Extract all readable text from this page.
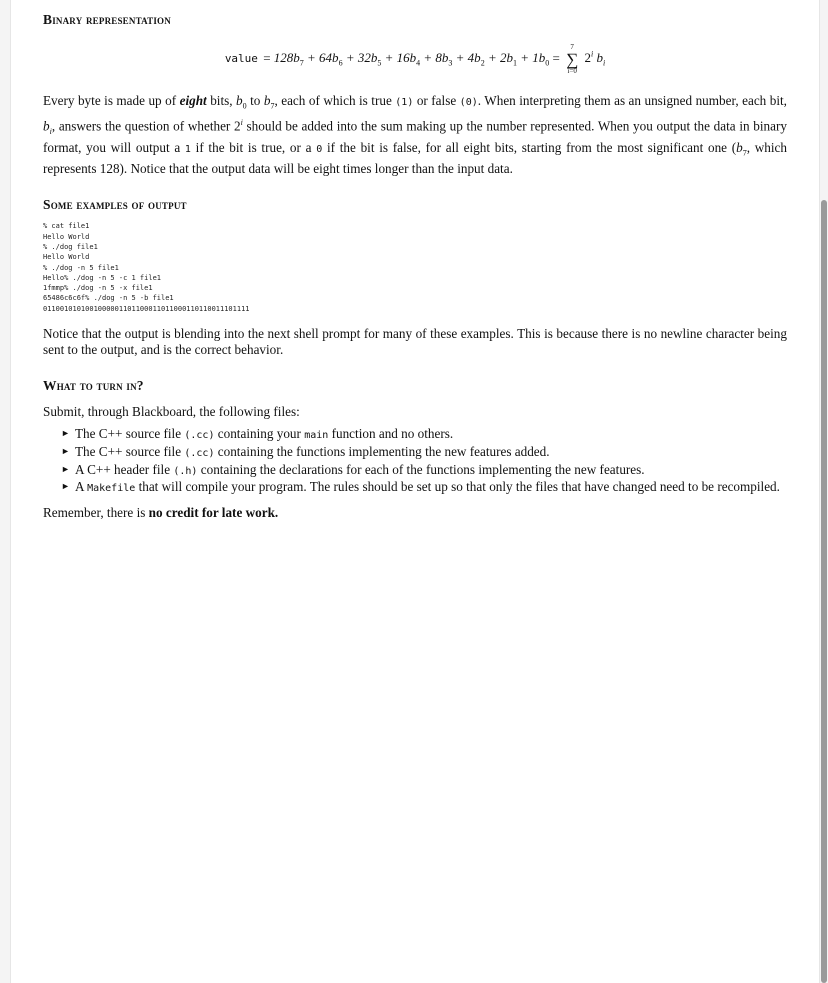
Binary representation
value = $128b_7 + 64b_6 + 32b_5 + 16b_4 + 8b_3 + 4b_2 + 2b_1 + 1b_0$ =
7
∑
i=0
2$^i$ $b_i$

Every byte is made up of eight bits, $b_0$ to $b_7$, each of which is true (1) or false (0). When interpreting them as an unsigned number, each bit, $b_i$, answers the question of whether 2$^i$ should be added into the sum making up the number represented. When you output the data in binary format, you will output a 1 if the bit is true, or a 0 if the bit is false, for all eight bits, starting from the most significant one ($b_7$, which represents 128). Notice that the output data will be eight times longer than the input data.

Some examples of output
% cat file1
Hello World
% ./dog file1
Hello World
% ./dog -n 5 file1
Hello% ./dog -n 5 -c 1 file1
1fmmp% ./dog -n 5 -x file1
65486c6c6f% ./dog -n 5 -b file1
0110010101001000001101100011011000110110011101111

Notice that the output is blending into the next shell prompt for many of these examples. This is because there is no newline character being sent to the output, and is the correct behavior.

What to turn in?

Submit, through Blackboard, the following files:

► The C++ source file (.cc) containing your main function and no others.
► The C++ source file (.cc) containing the functions implementing the new features added.
► A C++ header file (.h) containing the declarations for each of the functions implementing the new features.
► A Makefile that will compile your program. The rules should be set up so that only the files that have changed need to be recompiled.

Remember, there is no credit for late work.
